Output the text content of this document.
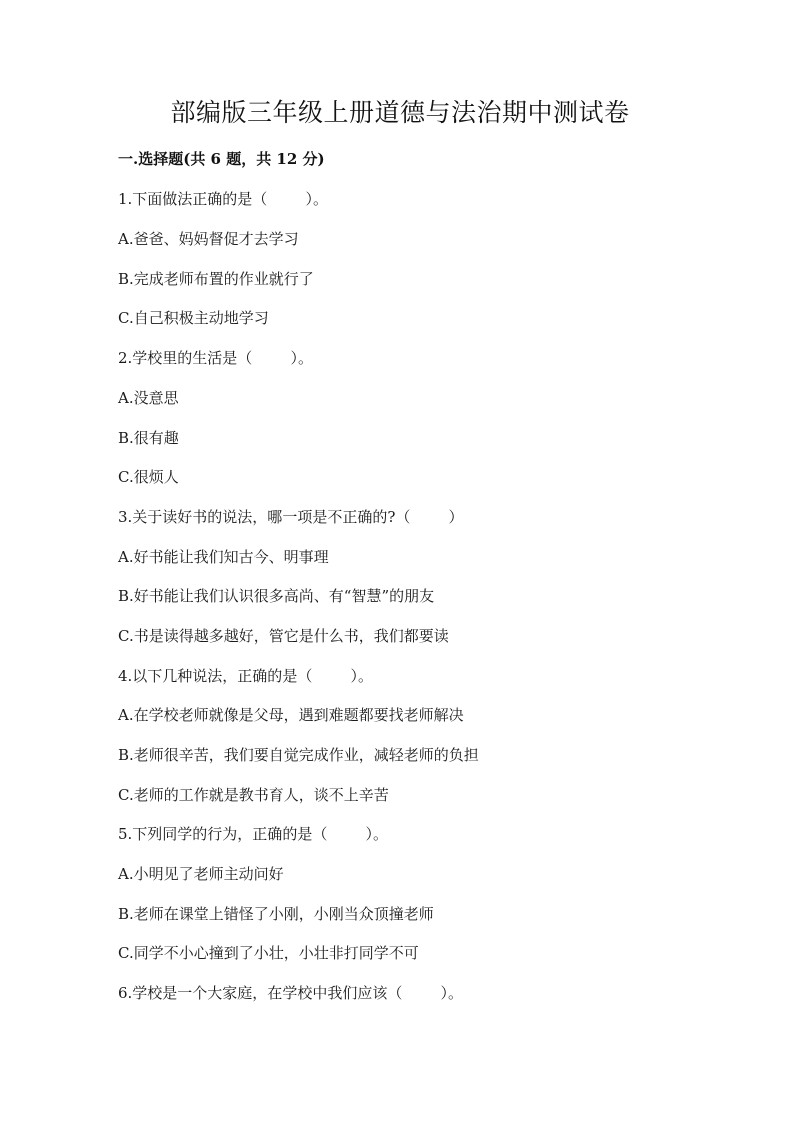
部编版三年级上册道德与法治期中测试卷
一.选择题(共 6 题，共 12 分)
1.下面做法正确的是（        ）。
A.爸爸、妈妈督促才去学习
B.完成老师布置的作业就行了
C.自己积极主动地学习
2.学校里的生活是（        ）。
A.没意思
B.很有趣
C.很烦人
3.关于读好书的说法，哪一项是不正确的?（        ）
A.好书能让我们知古今、明事理
B.好书能让我们认识很多高尚、有“智慧”的朋友
C.书是读得越多越好，管它是什么书，我们都要读
4.以下几种说法，正确的是（        ）。
A.在学校老师就像是父母，遇到难题都要找老师解决
B.老师很辛苦，我们要自觉完成作业，减轻老师的负担
C.老师的工作就是教书育人，谈不上辛苦
5.下列同学的行为，正确的是（        ）。
A.小明见了老师主动问好
B.老师在课堂上错怪了小刚，小刚当众顶撞老师
C.同学不小心撞到了小壮，小壮非打同学不可
6.学校是一个大家庭，在学校中我们应该（        ）。
